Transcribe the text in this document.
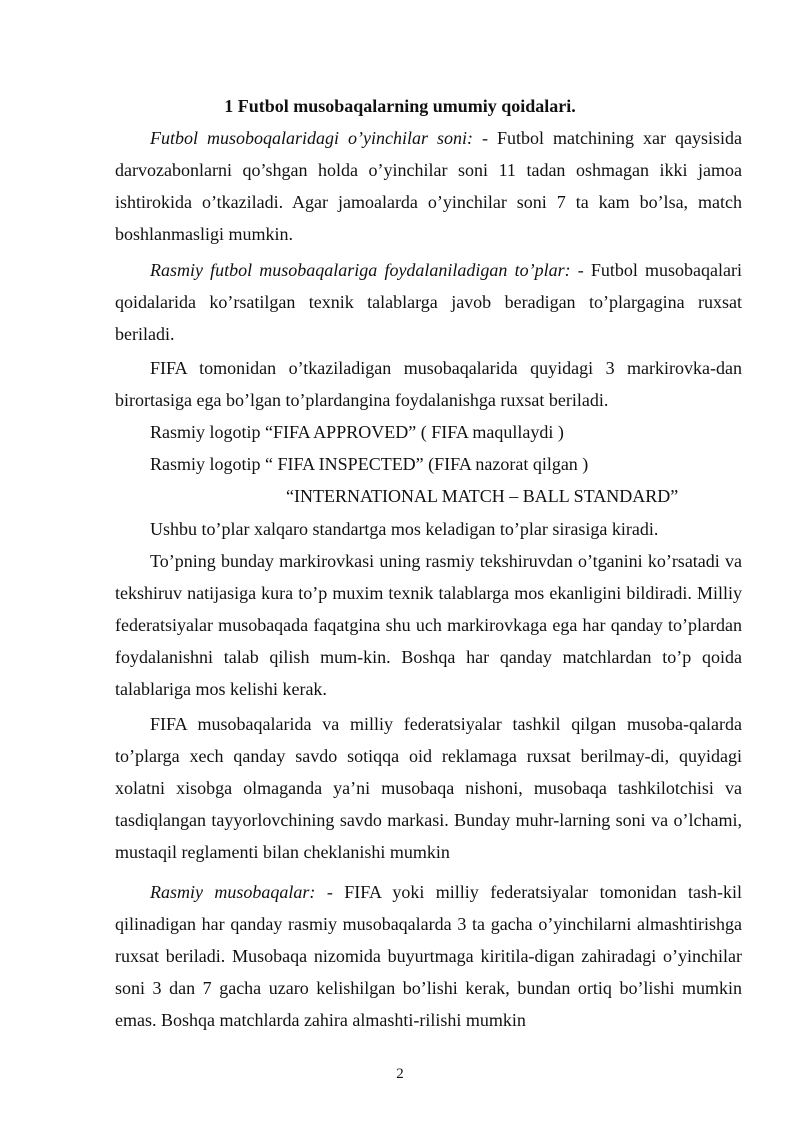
1 Futbol musobaqalarning umumiy qoidalari.

Futbol musoboqalaridagi o’yinchilar soni: - Futbol matchining xar qaysisida darvozabonlarni qo’shgan holda o’yinchilar soni 11 tadan oshmagan ikki jamoa ishtirokida o’tkaziladi. Agar jamoalarda o’yinchilar soni 7 ta kam bo’lsa, match boshlanmasligi mumkin.

Rasmiy futbol musobaqalariga foydalaniladigan to’plar: - Futbol musobaqalari qoidalarida ko’rsatilgan texnik talablarga javob beradigan to’plargagina ruxsat beriladi.

FIFA tomonidan o’tkaziladigan musobaqalarida quyidagi 3 markirovka-dan birortasiga ega bo’lgan to’plardangina foydalanishga ruxsat beriladi.

Rasmiy logotip “FIFA APPROVED” ( FIFA maqullaydi )
Rasmiy logotip “ FIFA INSPECTED” (FIFA nazorat qilgan )
“INTERNATIONAL MATCH – BALL STANDARD”
Ushbu to’plar xalqaro standartga mos keladigan to’plar sirasiga kiradi.

To’pning bunday markirovkasi uning rasmiy tekshiruvdan o’tganini ko’rsatadi va tekshiruv natijasiga kura to’p muxim texnik talablarga mos ekanligini bildiradi. Milliy federatsiyalar musobaqada faqatgina shu uch markirovkaga ega har qanday to’plardan foydalanishni talab qilish mum-kin. Boshqa har qanday matchlardan to’p qoida talablariga mos kelishi kerak.

FIFA musobaqalarida va milliy federatsiyalar tashkil qilgan musoba-qalarda to’plarga xech qanday savdo sotiqqa oid reklamaga ruxsat berilmay-di, quyidagi xolatni xisobga olmaganda ya’ni musobaqa nishoni, musobaqa tashkilotchisi va tasdiqlangan tayyorlovchining savdo markasi. Bunday muhr-larning soni va o’lchami, mustaqil reglamenti bilan cheklanishi mumkin

Rasmiy musobaqalar: - FIFA yoki milliy federatsiyalar tomonidan tash-kil qilinadigan har qanday rasmiy musobaqalarda 3 ta gacha o’yinchilarni almashtirishga ruxsat beriladi. Musobaqa nizomida buyurtmaga kiritila-digan zahiradagi o’yinchilar soni 3 dan 7 gacha uzaro kelishilgan bo’lishi kerak, bundan ortiq bo’lishi mumkin emas. Boshqa matchlarda zahira almashti-rilishi mumkin

2
